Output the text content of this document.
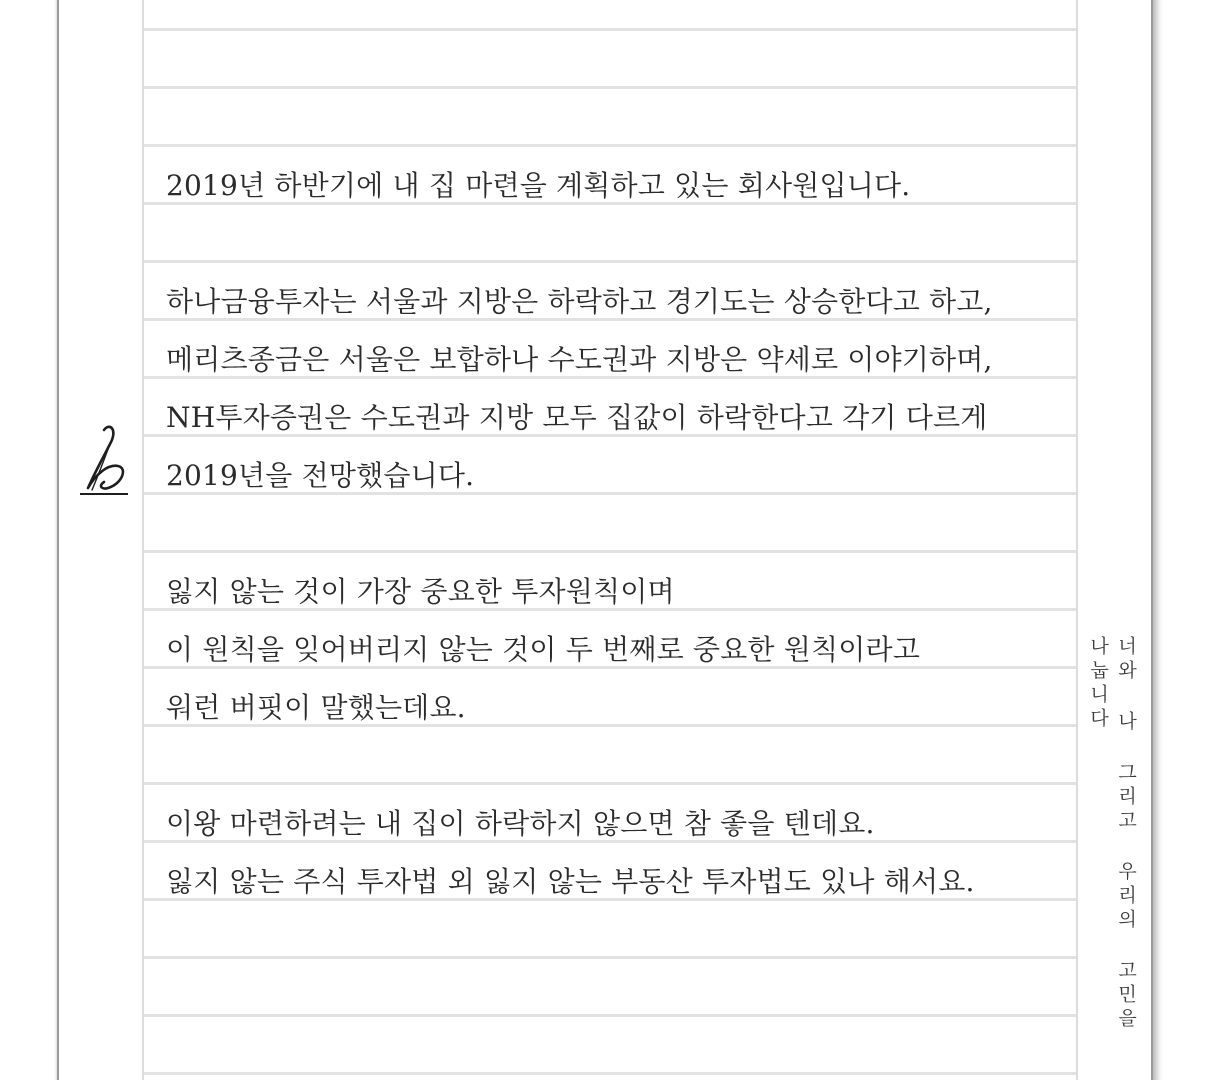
2019년 하반기에 내 집 마련을 계획하고 있는 회사원입니다.
하나금융투자는 서울과 지방은 하락하고 경기도는 상승한다고 하고,
메리츠종금은 서울은 보합하나 수도권과 지방은 약세로 이야기하며,
NH투자증권은 수도권과 지방 모두 집값이 하락한다고 각기 다르게
2019년을 전망했습니다.
잃지 않는 것이 가장 중요한 투자원칙이며
이 원칙을 잊어버리지 않는 것이 두 번째로 중요한 원칙이라고
워런 버핏이 말했는데요.
이왕 마련하려는 내 집이 하락하지 않으면 참 좋을 텐데요.
잃지 않는 주식 투자법 외 잃지 않는 부동산 투자법도 있나 해서요.	너와 나 그리고 우리의 고민을 나눕니다
